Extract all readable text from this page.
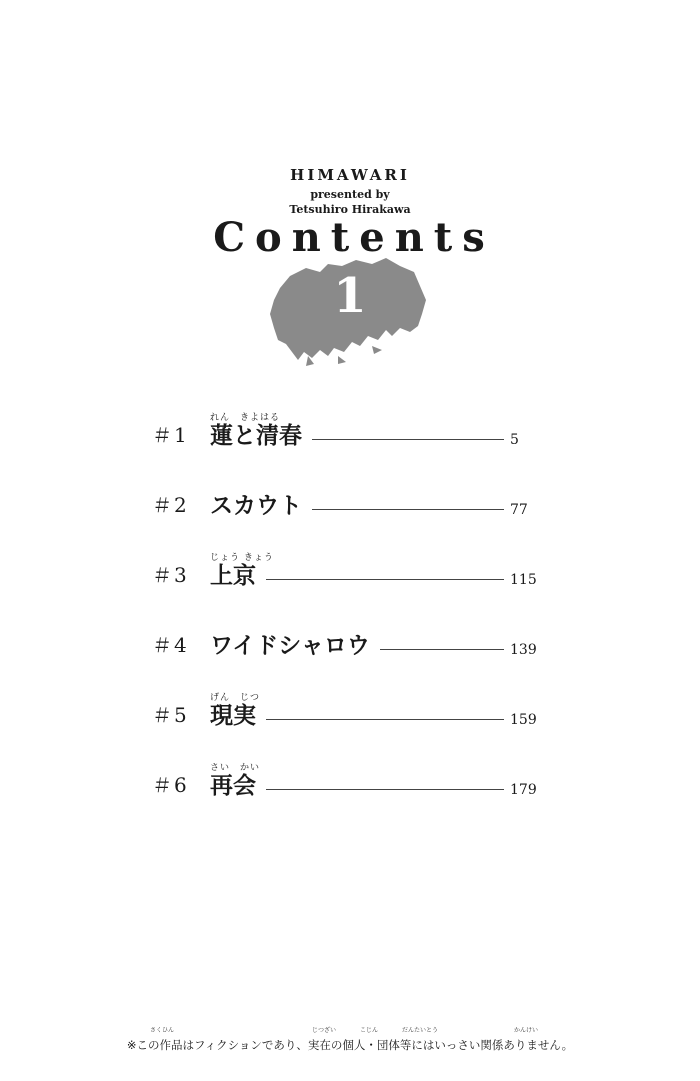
HIMAWARI
presented by
Tetsuhiro Hirakawa
Contents
1
＃1
れん　きよはる
蓮と清春	5
＃2 スカウト	77
＃3
じょう きょう
上京	115
＃4 ワイドシャロウ	139
＃5
げん　じつ
現実	159
＃6
さい　かい
再会	179
さくひん	じつざい	こじん	だんたいとう	かんけい
※この作品はフィクションであり、実在の個人・団体等にはいっさい関係ありません。
